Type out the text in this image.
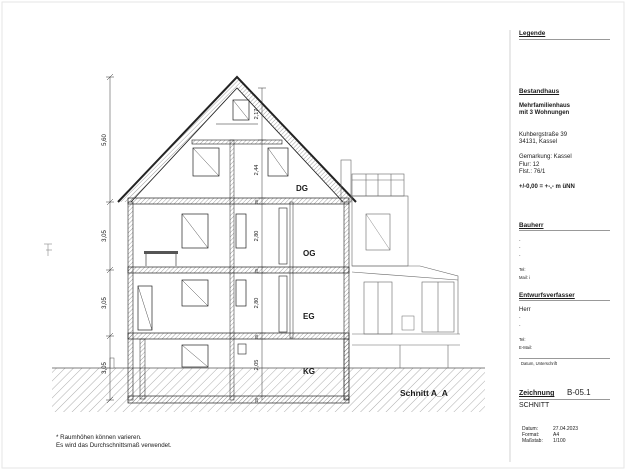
5,60
3,05
3,05
3,05
2,17
2,44
2,80
2,80
2,05
25
25
25
25
DG
OG
EG
KG
Schnitt A_A
* Raumhöhen können varieren.
Es wird das Durchschnittsmaß verwendet.
Legende
Bestandhaus
Mehrfamilienhaus
mit 3 Wohnungen
Kuhbergstraße 39
34131, Kassel
Gemarkung: Kassel
Flur: 12
Flst.: 76/1
+/-0,00 = +-,- m üNN
Bauherr
-
-
-
Tel:
Mail: i
Entwurfsverfasser
Herr
-
-
Tel:
E-Mail:
Datum, Unterschrift
Zeichnung B-05.1
SCHNITT
Datum:	27.04.2023
Format:	A4
Maßstab: 1/100
